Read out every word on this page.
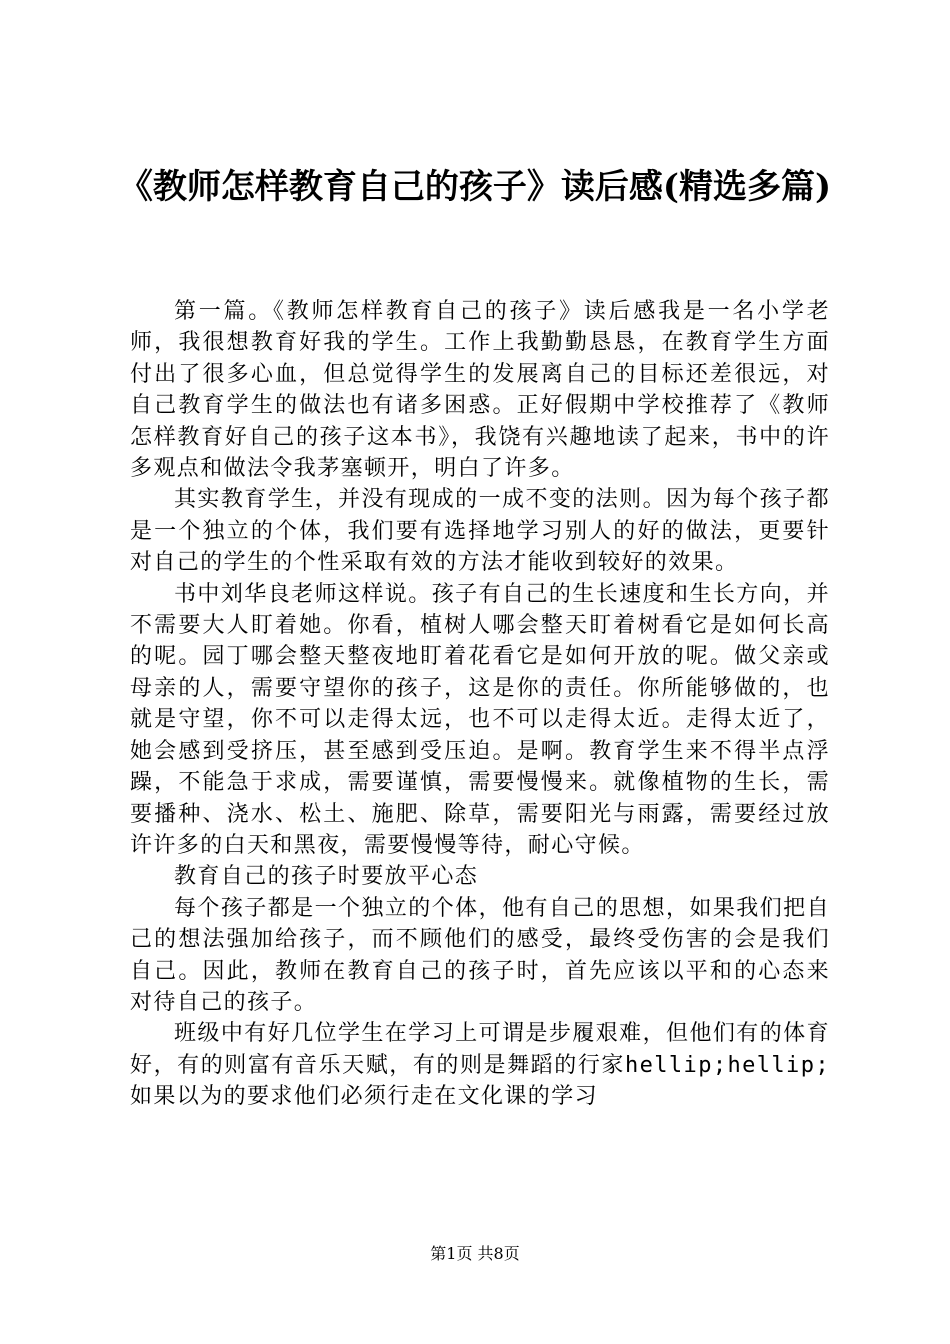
《教师怎样教育自己的孩子》读后感(精选多篇)

第一篇。《教师怎样教育自己的孩子》读后感我是一名小学老师，我很想教育好我的学生。工作上我勤勤恳恳，在教育学生方面付出了很多心血，但总觉得学生的发展离自己的目标还差很远，对自己教育学生的做法也有诸多困惑。正好假期中学校推荐了《教师怎样教育好自己的孩子这本书》，我饶有兴趣地读了起来，书中的许多观点和做法令我茅塞顿开，明白了许多。

其实教育学生，并没有现成的一成不变的法则。因为每个孩子都是一个独立的个体，我们要有选择地学习别人的好的做法，更要针对自己的学生的个性采取有效的方法才能收到较好的效果。

书中刘华良老师这样说。孩子有自己的生长速度和生长方向，并不需要大人盯着她。你看，植树人哪会整天盯着树看它是如何长高的呢。园丁哪会整天整夜地盯着花看它是如何开放的呢。做父亲或母亲的人，需要守望你的孩子，这是你的责任。你所能够做的，也就是守望，你不可以走得太远，也不可以走得太近。走得太近了，她会感到受挤压，甚至感到受压迫。是啊。教育学生来不得半点浮躁，不能急于求成，需要谨慎，需要慢慢来。就像植物的生长，需要播种、浇水、松土、施肥、除草，需要阳光与雨露，需要经过放许许多的白天和黑夜，需要慢慢等待，耐心守候。

教育自己的孩子时要放平心态

每个孩子都是一个独立的个体，他有自己的思想，如果我们把自己的想法强加给孩子，而不顾他们的感受，最终受伤害的会是我们自己。因此，教师在教育自己的孩子时，首先应该以平和的心态来对待自己的孩子。

班级中有好几位学生在学习上可谓是步履艰难，但他们有的体育好，有的则富有音乐天赋，有的则是舞蹈的行家hellip;hellip;如果以为的要求他们必须行走在文化课的学习

第1页 共8页
